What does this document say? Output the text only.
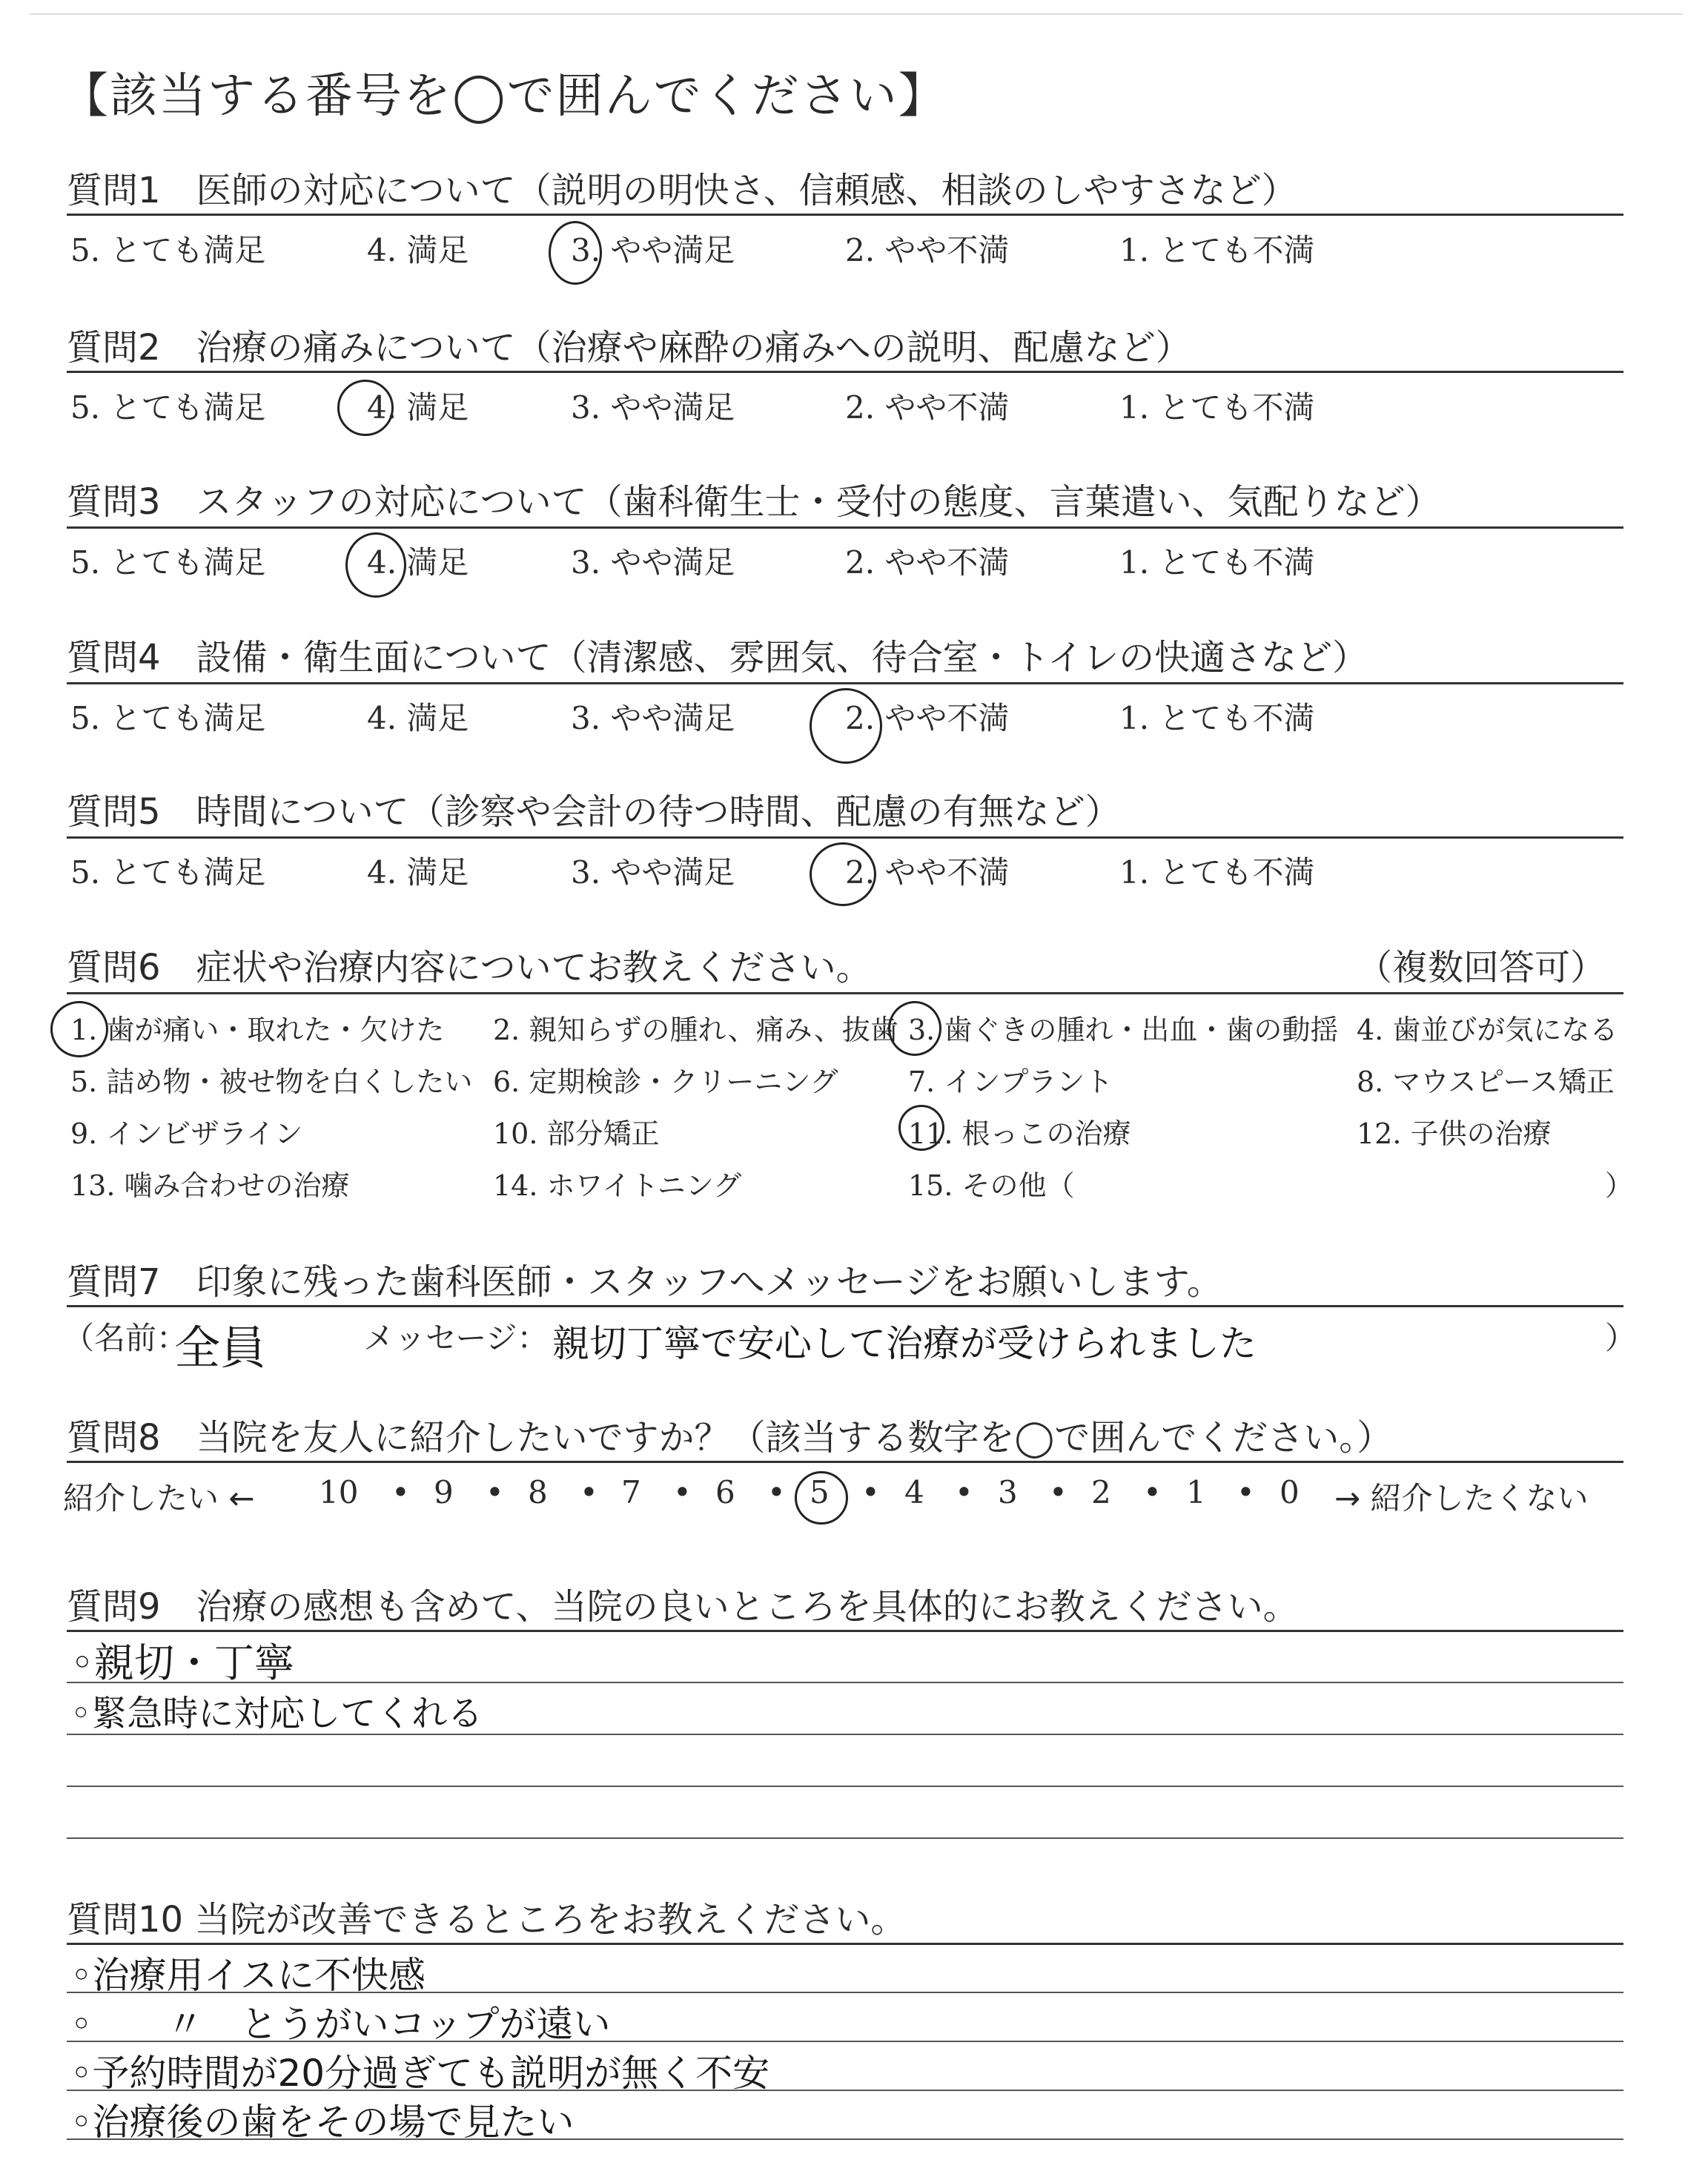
【該当する番号を◯で囲んでください】
質問1　医師の対応について（説明の明快さ、信頼感、相談のしやすさなど）
5. とても満足	4. 満足	3. やや満足	2. やや不満	1. とても不満
質問2　治療の痛みについて（治療や麻酔の痛みへの説明、配慮など）
5. とても満足	4. 満足	3. やや満足	2. やや不満	1. とても不満
質問3　スタッフの対応について（歯科衛生士・受付の態度、言葉遣い、気配りなど）
5. とても満足	4. 満足	3. やや満足	2. やや不満	1. とても不満
質問4　設備・衛生面について（清潔感、雰囲気、待合室・トイレの快適さなど）
5. とても満足	4. 満足	3. やや満足	2. やや不満	1. とても不満
質問5　時間について（診察や会計の待つ時間、配慮の有無など）
5. とても満足	4. 満足	3. やや満足	2. やや不満	1. とても不満
質問6　症状や治療内容についてお教えください。	（複数回答可）
1. 歯が痛い・取れた・欠けた 2. 親知らずの腫れ、痛み、抜歯 3. 歯ぐきの腫れ・出血・歯の動揺 4. 歯並びが気になる
5. 詰め物・被せ物を白くしたい 6. 定期検診・クリーニング 7. インプラント	8. マウスピース矯正
9. インビザライン	10. 部分矯正	11. 根っこの治療	12. 子供の治療
13. 噛み合わせの治療	14. ホワイトニング	15. その他（	）
質問7　印象に残った歯科医師・スタッフへメッセージをお願いします。
（名前：
全員	メッセージ： 親切丁寧で安心して治療が受けられました	）
質問8　当院を友人に紹介したいですか？（該当する数字を◯で囲んでください。）
紹介したい ← 10 9 8 7 6 5 4 3 2 1 0 → 紹介したくない
• • • • • • • • • •
質問9　治療の感想も含めて、当院の良いところを具体的にお教えください。
◦親切・丁寧
◦緊急時に対応してくれる
質問10 当院が改善できるところをお教えください。
◦治療用イスに不快感
◦　　〃　とうがいコップが遠い
◦予約時間が20分過ぎても説明が無く不安
◦治療後の歯をその場で見たい
